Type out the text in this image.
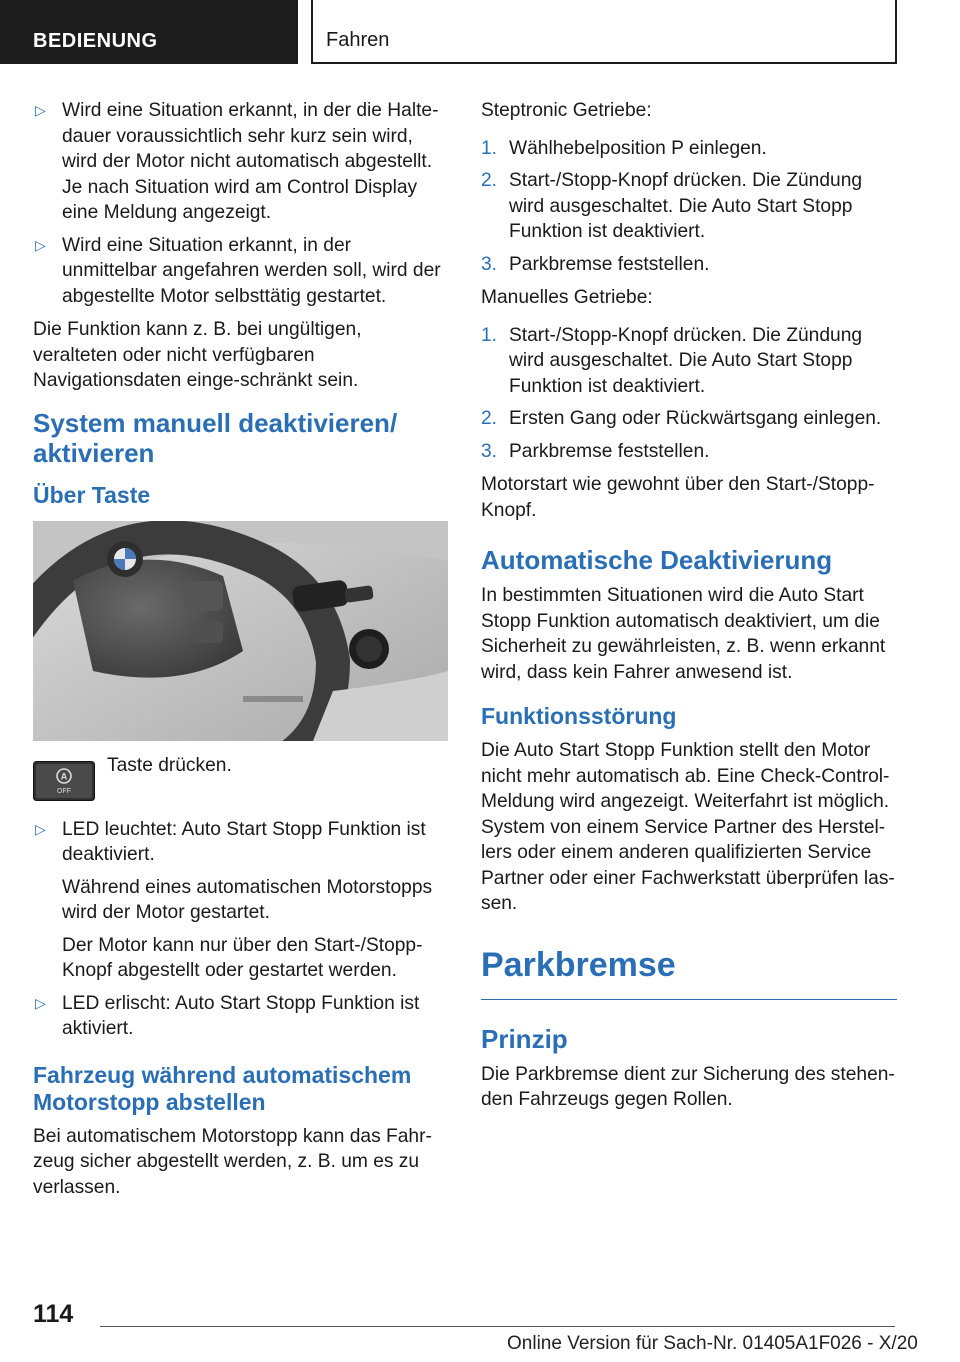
BEDIENUNG	Fahren
▷ Wird eine Situation erkannt, in der die Halte-dauer voraussichtlich sehr kurz sein wird, wird der Motor nicht automatisch abgestellt. Je nach Situation wird am Control Display eine Meldung angezeigt.
▷ Wird eine Situation erkannt, in der unmittelbar angefahren werden soll, wird der abgestellte Motor selbsttätig gestartet.

Die Funktion kann z. B. bei ungültigen, veralteten oder nicht verfügbaren Navigationsdaten einge-schränkt sein.

System manuell deaktivieren/ aktivieren
Über Taste
A
OFF
Taste drücken.
▷ LED leuchtet: Auto Start Stopp Funktion ist deaktiviert.
Während eines automatischen Motorstopps wird der Motor gestartet.
Der Motor kann nur über den Start-/Stopp-Knopf abgestellt oder gestartet werden.
▷ LED erlischt: Auto Start Stopp Funktion ist aktiviert.
Fahrzeug während automatischem Motorstopp abstellen

Bei automatischem Motorstopp kann das Fahr-zeug sicher abgestellt werden, z. B. um es zu verlassen.

Steptronic Getriebe:

1. Wählhebelposition P einlegen.
2. Start-/Stopp-Knopf drücken. Die Zündung wird ausgeschaltet. Die Auto Start Stopp Funktion ist deaktiviert.
3. Parkbremse feststellen.

Manuelles Getriebe:

1. Start-/Stopp-Knopf drücken. Die Zündung wird ausgeschaltet. Die Auto Start Stopp Funktion ist deaktiviert.
2. Ersten Gang oder Rückwärtsgang einlegen.
3. Parkbremse feststellen.

Motorstart wie gewohnt über den Start-/Stopp-Knopf.

Automatische Deaktivierung

In bestimmten Situationen wird die Auto Start Stopp Funktion automatisch deaktiviert, um die Sicherheit zu gewährleisten, z. B. wenn erkannt wird, dass kein Fahrer anwesend ist.

Funktionsstörung

Die Auto Start Stopp Funktion stellt den Motor nicht mehr automatisch ab. Eine Check-Control-Meldung wird angezeigt. Weiterfahrt ist möglich. System von einem Service Partner des Herstel-lers oder einem anderen qualifizierten Service Partner oder einer Fachwerkstatt überprüfen las-sen.

Parkbremse
Prinzip

Die Parkbremse dient zur Sicherung des stehen-den Fahrzeugs gegen Rollen.

114
Online Version für Sach-Nr. 01405A1F026 - X/20
